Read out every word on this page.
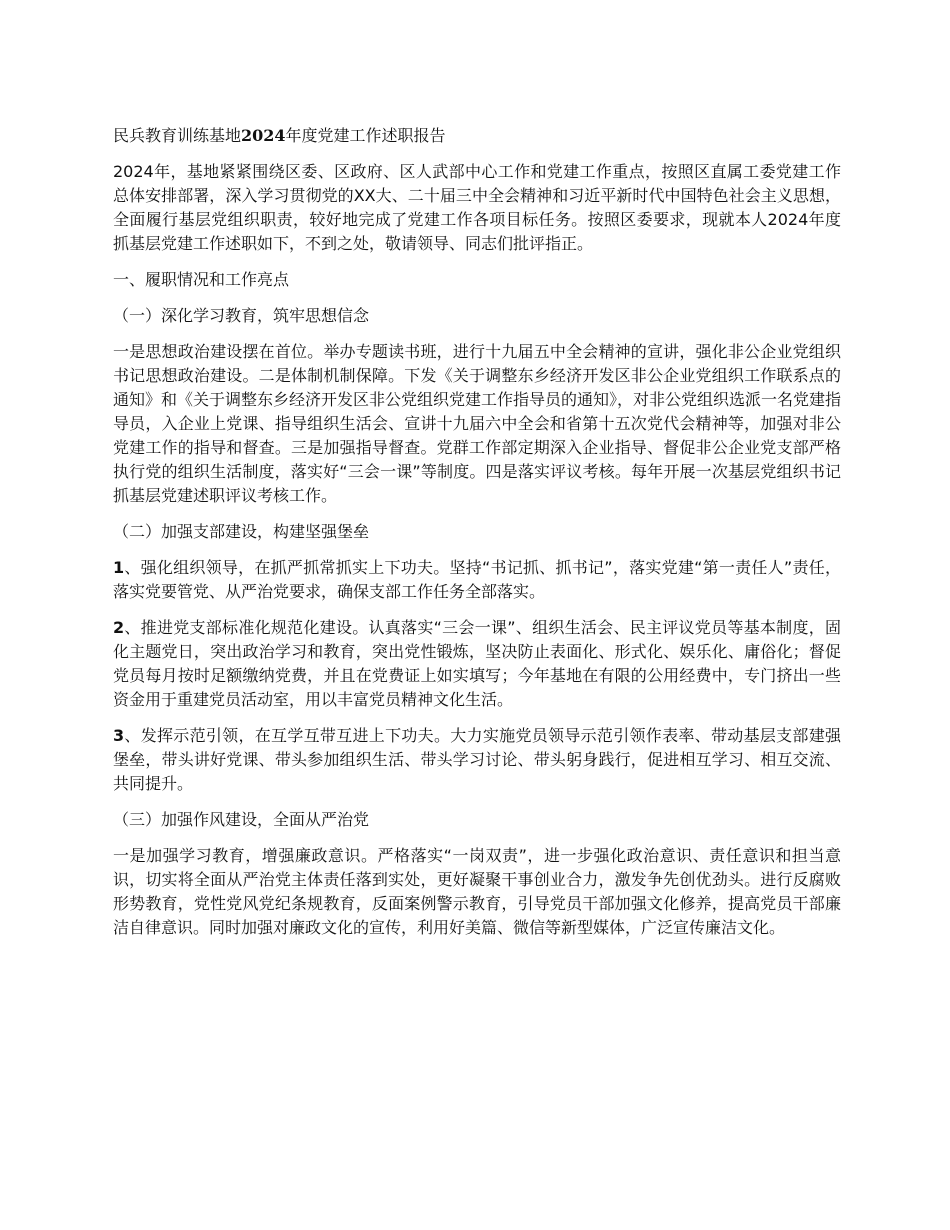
民兵教育训练基地2024年度党建工作述职报告

2024年，基地紧紧围绕区委、区政府、区人武部中心工作和党建工作重点，按照区直属工委党建工作总体安排部署，深入学习贯彻党的XX大、二十届三中全会精神和习近平新时代中国特色社会主义思想，全面履行基层党组织职责，较好地完成了党建工作各项目标任务。按照区委要求，现就本人2024年度抓基层党建工作述职如下，不到之处，敬请领导、同志们批评指正。

一、履职情况和工作亮点
（一）深化学习教育，筑牢思想信念

一是思想政治建设摆在首位。举办专题读书班，进行十九届五中全会精神的宣讲，强化非公企业党组织书记思想政治建设。二是体制机制保障。下发《关于调整东乡经济开发区非公企业党组织工作联系点的通知》和《关于调整东乡经济开发区非公党组织党建工作指导员的通知》，对非公党组织选派一名党建指导员，入企业上党课、指导组织生活会、宣讲十九届六中全会和省第十五次党代会精神等，加强对非公党建工作的指导和督查。三是加强指导督查。党群工作部定期深入企业指导、督促非公企业党支部严格执行党的组织生活制度，落实好“三会一课”等制度。四是落实评议考核。每年开展一次基层党组织书记抓基层党建述职评议考核工作。

（二）加强支部建设，构建坚强堡垒

1、强化组织领导，在抓严抓常抓实上下功夫。坚持“书记抓、抓书记”，落实党建“第一责任人”责任，落实党要管党、从严治党要求，确保支部工作任务全部落实。

2、推进党支部标准化规范化建设。认真落实“三会一课”、组织生活会、民主评议党员等基本制度，固化主题党日，突出政治学习和教育，突出党性锻炼，坚决防止表面化、形式化、娱乐化、庸俗化；督促党员每月按时足额缴纳党费，并且在党费证上如实填写；今年基地在有限的公用经费中，专门挤出一些资金用于重建党员活动室，用以丰富党员精神文化生活。

3、发挥示范引领，在互学互带互进上下功夫。大力实施党员领导示范引领作表率、带动基层支部建强堡垒，带头讲好党课、带头参加组织生活、带头学习讨论、带头躬身践行，促进相互学习、相互交流、共同提升。

（三）加强作风建设，全面从严治党

一是加强学习教育，增强廉政意识。严格落实“一岗双责”，进一步强化政治意识、责任意识和担当意识，切实将全面从严治党主体责任落到实处，更好凝聚干事创业合力，激发争先创优劲头。进行反腐败形势教育，党性党风党纪条规教育，反面案例警示教育，引导党员干部加强文化修养，提高党员干部廉洁自律意识。同时加强对廉政文化的宣传，利用好美篇、微信等新型媒体，广泛宣传廉洁文化。
